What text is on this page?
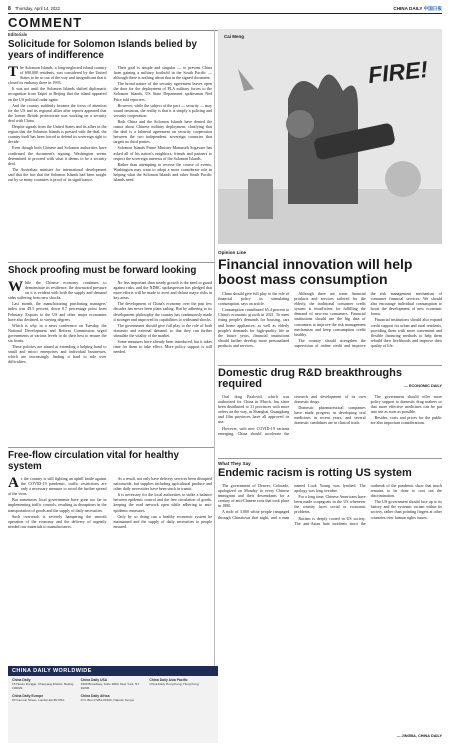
8 Thursday, April 14, 2022	CHINA DAILY 中国日报
COMMENT
Editorials
Solicitude for Solomon Islands belied by years of indifference

The Solomon Islands, a long-neglected island country of 690,000 residents, was considered by the United States to be so out of the way and insignificant that it closed its embassy there in 1993.

It was not until the Solomon Islands shifted diplomatic recognition from Taipei to Beijing that the island appeared on the US political radar again.

And the country suddenly became the focus of attention for the US and its regional allies after reports appeared that the former British protectorate was working on a security deal with China.

Despite signals from the United States and its allies in the region that the Solomon Islands is pressed with the deal, the country itself has been forced to defend its sovereign right to decide.

Even though both Chinese and Solomon authorities have confirmed the document's signing, Washington seems determined to proceed with what it deems to be a security deal.

The Australian minister for international development said that the fact that the Solomon Islands had been sought out by so many countries is proof of its significance.

Their goal is simple and singular — to prevent China from gaining a military foothold in the South Pacific — although there is nothing about that in the signed document.

The broad nature of the security agreement leaves open the door for the deployment of PLA military forces to the Solomon Islands, US State Department spokesman Ned Price told reporters.

However, while the subject of the pact — security — may sound ominous, the reality is that it is simply a policing and security cooperation.

Both China and the Solomon Islands have denied the rumor about Chinese military deployment, clarifying that the deal is a bilateral agreement on security cooperation between the two independent, sovereign countries that targets no third parties.

Solomon Islands Prime Minister Manasseh Sogavare has asked all of his nation's neighbors, friends and partners to respect the sovereign interests of the Solomon Islands.

Rather than attempting to reverse the course of events, Washington may want to adopt a more considerate role in helping what the Solomon Islands and other South Pacific islands need.

Cai Meng
FIRE!
Opinion Line
Financial innovation will help boost mass consumption

China should give full play to the role of financial policy in stimulating consumption, says an article.

Consumption contributed 65.4 percent to China's economic growth in 2021. To meet rising people's demands for housing, cars and home appliances, as well as elderly people's demands for high-quality life in the future years, financial institutions should further develop more personalized products and services.

Although there are some financial products and services tailored for the elderly, the traditional consumer credit system is insufficient for fulfilling the demand of new-era consumers. Financial institutions should use the big data of consumers to improve the risk management mechanism and keep consumption credit healthy.

The country should strengthen the supervision of online credit and improve the risk management mechanism of consumer financial services. We should also encourage individual consumption to boost the development of new economic forms.

Financial institutions should also expand credit support for urban and rural residents, providing them with more convenient and flexible financing methods to help them rebuild their livelihoods and improve their quality of life.

— ECONOMIC DAILY
Shock proofing must be forward looking

While the Chinese economy continues to demonstrate its resilience, the downward pressure on it is evident with both the supply and demand sides suffering from new shocks.

Last month, the manufacturing purchasing managers' index was 49.5 percent, down 0.7 percentage point from February. Exports to the US and other major economies have also declined, to varying degrees.

Which is why, in a news conference on Tuesday, the National Development and Reform Commission urged governments at various levels to do their best to ensure the six fronts.

These policies are aimed at extending a helping hand to small and micro enterprises and individual businesses, which are increasingly finding it hard to tide over difficulties.

No less important than steady growth is the need to guard against risks, and the NDRC spokesperson has pledged that more efforts will be made to avert and defuse major risks in key areas.

The development of China's economy over the past few decades has never been plain sailing. But by adhering to its development philosophy the country has continuously made it stronger and improved its capabilities to withstand shocks.

The government should give full play to the role of both domestic and external demand, so that they can further stimulate the vitality of the market.

Some measures have already been introduced, but it takes time for them to take effect. More policy support is still needed.

Domestic drug R&D breakthroughs required

Oral drug Paxlovid, which was authorized for China in March, has since been distributed to 31 provinces with more orders on the way, as Shanghai, Guangdong and Jilin provinces have all approved its use.

However, with new COVID-19 variants emerging, China should accelerate the research and development of its own domestic drugs.

Domestic pharmaceutical companies have made progress in developing oral medicines in recent years, and several domestic candidates are in clinical trials.

The government should offer more policy support to domestic drug makers so that more effective medicines can be put into use as soon as possible.

Besides, costs and prices for the public are also important considerations.

Free-flow circulation vital for healthy system

As the country is still fighting an uphill battle against the COVID-19 pandemic, traffic restrictions are only a necessary measure to avoid the further spread of the virus.

But sometimes local governments have gone too far in implementing traffic controls, resulting in disruptions in the transportation of goods and the supply of daily necessities.

Such overreach is severely hampering the smooth operation of the economy and the delivery of urgently needed raw materials to manufacturers.

As a result, not only have delivery services been disrupted nationwide, but supplies including agricultural produce and other daily necessities have been stuck in transit.

It is necessary for the local authorities to strike a balance between epidemic control and the free circulation of goods, keeping the road network open while adhering to anti-epidemic measures.

Only by so doing can a healthy economic system be maintained and the supply of daily necessities to people ensured.

What They Say
Endemic racism is rotting US system

The government of Denver, Colorado, apologized on Monday to every Chinese immigrant and their descendants for a century of anti-Chinese riots that took place in 1880.

A mob of 3,000 white people rampaged through Chinatown that night, and a man named Look Young was lynched. The apology was long overdue.

For a long time, Chinese Americans have been made scapegoats in the US whenever the country faces social or economic problems.

Racism is deeply rooted in US society. The anti-Asian hate incidents since the outbreak of the pandemic show that much remains to be done to root out the discrimination.

The US government should face up to its history and the systemic racism within its society, rather than pointing fingers at other countries over human rights issues.

— JINGBA, CHINA DAILY
CHINA DAILY WORLDWIDE
China Daily
15 Huixin Dongjie, Chaoyang District, Beijing 100029
China Daily USA
1500 Broadway, Suite 2800, New York, NY 10036
China Daily Asia Pacific
China Daily Hong Kong, Hong Kong
China Daily Europe
90 Cannon Street, London EC4N 6HA
China Daily Africa
P.O. Box 27281-00100, Nairobi, Kenya
